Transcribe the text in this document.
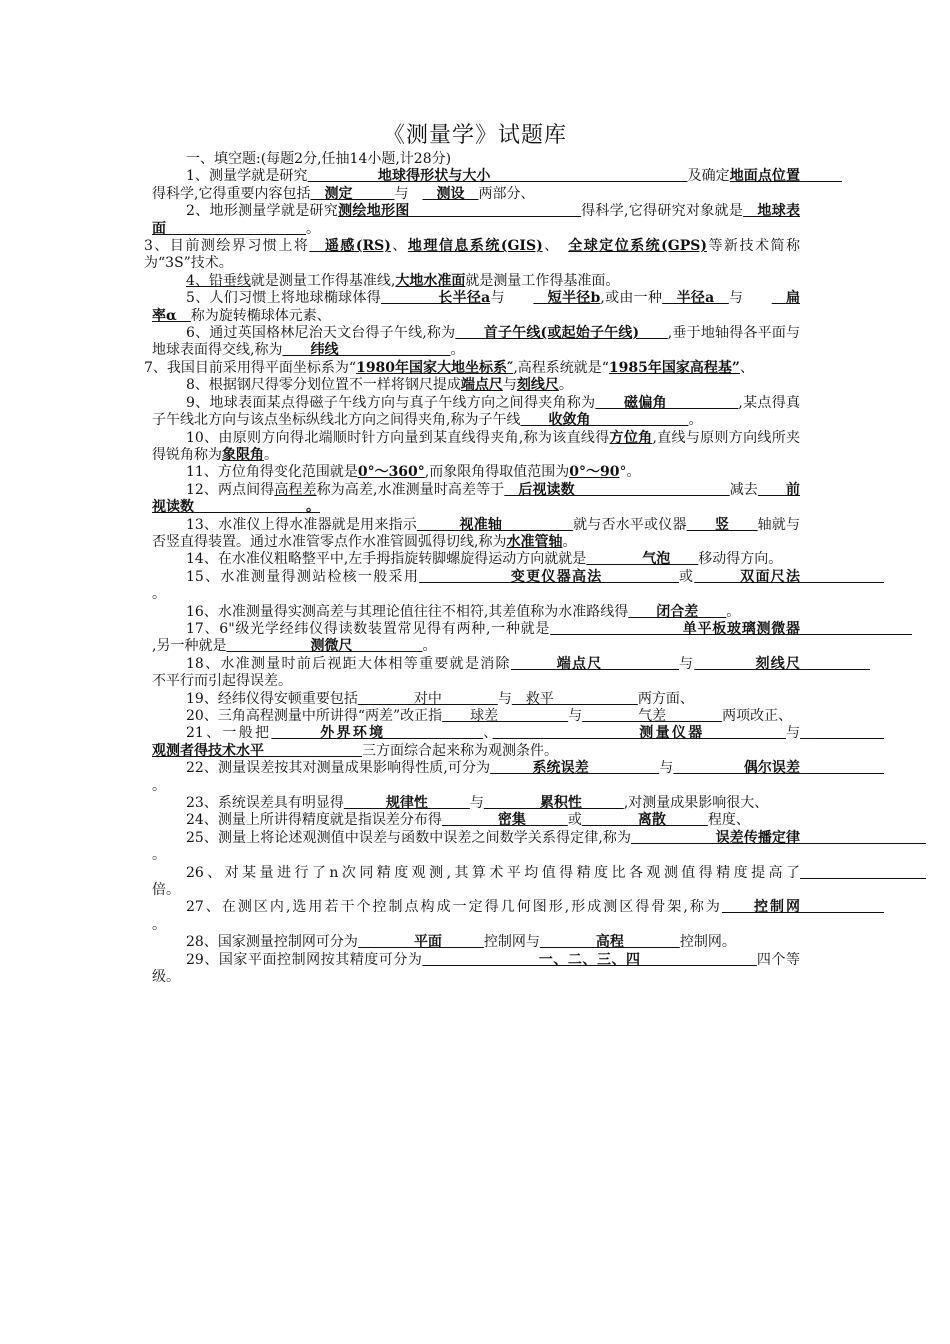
《测量学》试题库

一、填空题:(每题2分,任抽14小题,计28分)

1、测量学就是研究　　　　　地球得形状与大小　　　　　　　　　　　　　　及确定地面点位置　　　得科学,它得重要内容包括　测定　　　与　　测设　两部分、

2、地形测量学就是研究测绘地形图　　　　　　　　　　　　得科学,它得研究对象就是　地球表面　　　　　　　　　　。

3、目前测绘界习惯上将　遥感(RS)、地理信息系统(GIS)、　全球定位系统(GPS)等新技术简称为“3S”技术。

4、铅垂线就是测量工作得基准线,大地水准面就是测量工作得基准面。

5、人们习惯上将地球椭球体得　　　　长半径a与　　　短半径b,或由一种　半径a　与　　　扁率α　称为旋转椭球体元素、

6、通过英国格林尼治天文台得子午线,称为　　首子午线(或起始子午线)　　,垂于地轴得各平面与地球表面得交线,称为　　纬线　　　　　　　　。

7、我国目前采用得平面坐标系为“1980年国家大地坐标系″,高程系统就是“1985年国家高程基”、

8、根据钢尺得零分划位置不一样将钢尺提成端点尺与刻线尺。

9、地球表面某点得磁子午线方向与真子午线方向之间得夹角称为　　磁偏角　　　　　,某点得真子午线北方向与该点坐标纵线北方向之间得夹角,称为子午线　　收敛角　　　　　　　。

10、由原则方向得北端顺时针方向量到某直线得夹角,称为该直线得方位角,直线与原则方向线所夹得锐角称为象限角。

11、方位角得变化范围就是0°～360°,而象限角得取值范围为0°～90°。

12、两点间得高程差称为高差,水准测量时高差等于　后视读数　　　　　　　　　　　减去　　前视读数　　　　　　　　。

13、水准仪上得水准器就是用来指示　　　视准轴　　　　　就与否水平或仪器　　竖　　轴就与否竖直得装置。通过水准管零点作水准管圆弧得切线,称为水准管轴。

14、在水准仪粗略整平中,左手拇指旋转脚螺旋得运动方向就就是　　　　气泡　　移动得方向。

15、水准测量得测站检核一般采用　　　　　　变更仪器高法　　　　　或　　　双面尺法　　　　　　。

16、水准测量得实测高差与其理论值往往不相符,其差值称为水准路线得　　闭合差　　。

17、6"级光学经纬仪得读数装置常见得有两种,一种就是　　　　　　　　　单平板玻璃测微器　　　　　　　　,另一种就是　　　　　　测微尺　　　　　。

18、水准测量时前后视距大体相等重要就是消除　　　端点尺　　　　　与　　　　刻线尺　　　　　不平行而引起得误差。

19、经纬仪得安顿重要包括　　　　对中　　　　与　救平　　　　　　两方面、

20、三角高程测量中所讲得“两差”改正指　　球差　　　　　与　　　　气差　　　　两项改正、

21、一般把　　　外界环境　　　　　　、　　　　　　　　　测量仪器　　　　　与　　　　　　观测者得技术水平　　　　　　　三方面综合起来称为观测条件。

22、测量误差按其对测量成果影响得性质,可分为　　　系统误差　　　　　与　　　　　偶尔误差　　　　　　。

23、系统误差具有明显得　　　规律性　　　与　　　　累积性　　　,对测量成果影响很大、

24、测量上所讲得精度就是指误差分布得　　　　密集　　　或　　　　离散　　　程度、

25、测量上将论述观测值中误差与函数中误差之间数学关系得定律,称为　　　　　　误差传播定律　　　　　　　　　。

26、对某量进行了n次同精度观测,其算术平均值得精度比各观测值得精度提高了　　　　　　　　　倍。

27、在测区内,选用若干个控制点构成一定得几何图形,形成测区得骨架,称为　　控制网　　　　　　。

28、国家测量控制网可分为　　　　平面　　　控制网与　　　　高程　　　　控制网。

29、国家平面控制网按其精度可分为　　　　　　　　一、二、三、四　　　　　　　　四个等级。
